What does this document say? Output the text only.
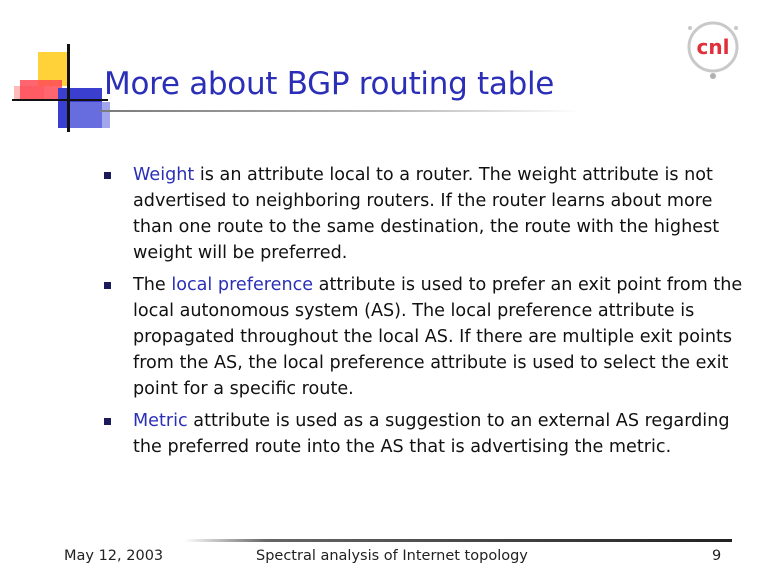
More about BGP routing table
cnl
Weight is an attribute local to a router. The weight attribute is not advertised to neighboring routers. If the router learns about more than one route to the same destination, the route with the highest weight will be preferred.
The local preference attribute is used to prefer an exit point from the local autonomous system (AS). The local preference attribute is propagated throughout the local AS. If there are multiple exit points from the AS, the local preference attribute is used to select the exit point for a specific route.
Metric attribute is used as a suggestion to an external AS regarding the preferred route into the AS that is advertising the metric.
May 12, 2003	Spectral analysis of Internet topology	9
